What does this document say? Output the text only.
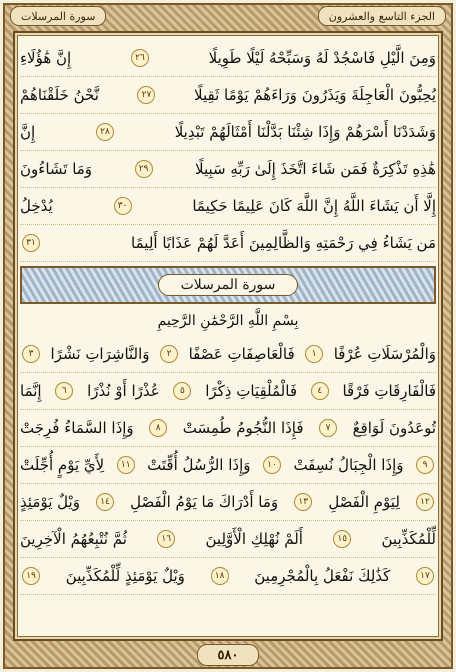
الجزء التاسع والعشرون
سورة المرسلات
وَمِنَ الَّيْلِ فَاسْجُدْ لَهُ وَسَبِّحْهُ لَيْلًا طَوِيلًا
٢٦
إِنَّ هَٰؤُلَاءِ
يُحِبُّونَ الْعَاجِلَةَ وَيَذَرُونَ وَرَاءَهُمْ يَوْمًا ثَقِيلًا
٢٧
نَّحْنُ خَلَقْنَاهُمْ
وَشَدَدْنَا أَسْرَهُمْ وَإِذَا شِئْنَا بَدَّلْنَا أَمْثَالَهُمْ تَبْدِيلًا
٢٨
إِنَّ
هَٰذِهِ تَذْكِرَةٌ فَمَن شَاءَ اتَّخَذَ إِلَىٰ رَبِّهِ سَبِيلًا
٢٩
وَمَا تَشَاءُونَ
إِلَّا أَن يَشَاءَ اللَّهُ إِنَّ اللَّهَ كَانَ عَلِيمًا حَكِيمًا
٣٠
يُدْخِلُ
مَن يَشَاءُ فِي رَحْمَتِهِ وَالظَّالِمِينَ أَعَدَّ لَهُمْ عَذَابًا أَلِيمًا
٣١
سورة المرسلات
بِسْمِ اللَّهِ الرَّحْمَٰنِ الرَّحِيمِ
وَالْمُرْسَلَاتِ عُرْفًا
١
فَالْعَاصِفَاتِ عَصْفًا
٢
وَالنَّاشِرَاتِ نَشْرًا
٣
فَالْفَارِقَاتِ فَرْقًا
٤
فَالْمُلْقِيَاتِ ذِكْرًا
٥
عُذْرًا أَوْ نُذْرًا
٦
إِنَّمَا
تُوعَدُونَ لَوَاقِعٌ
٧
فَإِذَا النُّجُومُ طُمِسَتْ
٨
وَإِذَا السَّمَاءُ فُرِجَتْ
٩
وَإِذَا الْجِبَالُ نُسِفَتْ
١٠
وَإِذَا الرُّسُلُ أُقِّتَتْ
١١
لِأَيِّ يَوْمٍ أُجِّلَتْ
١٢
لِيَوْمِ الْفَصْلِ
١٣
وَمَا أَدْرَاكَ مَا يَوْمُ الْفَصْلِ
١٤
وَيْلٌ يَوْمَئِذٍ
لِّلْمُكَذِّبِينَ
١٥
أَلَمْ نُهْلِكِ الْأَوَّلِينَ
١٦
ثُمَّ نُتْبِعُهُمُ الْآخِرِينَ
١٧
كَذَٰلِكَ نَفْعَلُ بِالْمُجْرِمِينَ
١٨
وَيْلٌ يَوْمَئِذٍ لِّلْمُكَذِّبِينَ
١٩
٥٨٠
